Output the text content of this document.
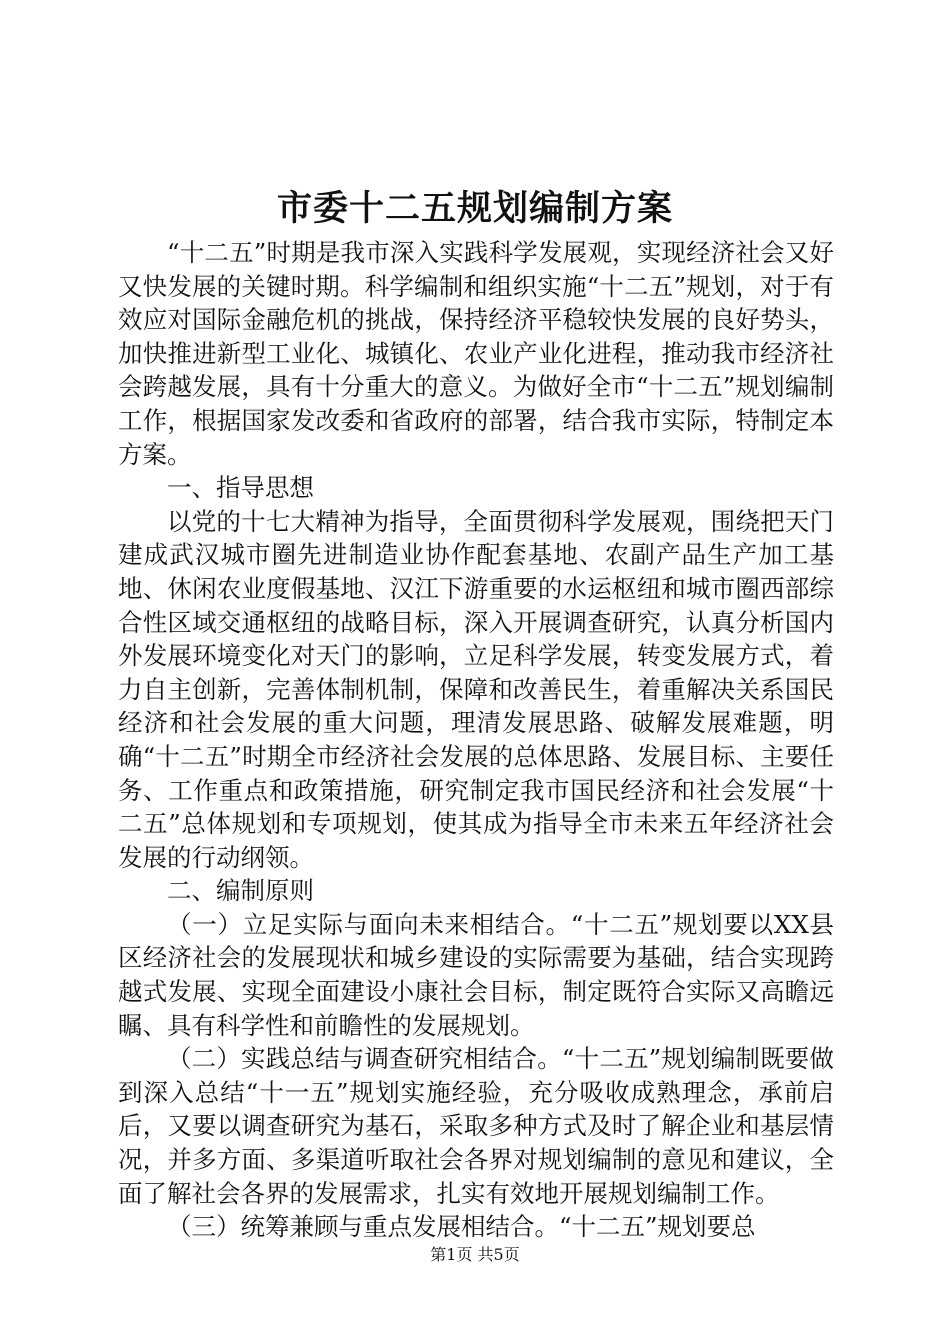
市委十二五规划编制方案

“十二五”时期是我市深入实践科学发展观，实现经济社会又好又快发展的关键时期。科学编制和组织实施“十二五”规划，对于有效应对国际金融危机的挑战，保持经济平稳较快发展的良好势头，加快推进新型工业化、城镇化、农业产业化进程，推动我市经济社会跨越发展，具有十分重大的意义。为做好全市“十二五”规划编制工作，根据国家发改委和省政府的部署，结合我市实际，特制定本方案。

一、指导思想

以党的十七大精神为指导，全面贯彻科学发展观，围绕把天门建成武汉城市圈先进制造业协作配套基地、农副产品生产加工基地、休闲农业度假基地、汉江下游重要的水运枢纽和城市圈西部综合性区域交通枢纽的战略目标，深入开展调查研究，认真分析国内外发展环境变化对天门的影响，立足科学发展，转变发展方式，着力自主创新，完善体制机制，保障和改善民生，着重解决关系国民经济和社会发展的重大问题，理清发展思路、破解发展难题，明确“十二五”时期全市经济社会发展的总体思路、发展目标、主要任务、工作重点和政策措施，研究制定我市国民经济和社会发展“十二五”总体规划和专项规划，使其成为指导全市未来五年经济社会发展的行动纲领。

二、编制原则

（一）立足实际与面向未来相结合。“十二五”规划要以XX县区经济社会的发展现状和城乡建设的实际需要为基础，结合实现跨越式发展、实现全面建设小康社会目标，制定既符合实际又高瞻远瞩、具有科学性和前瞻性的发展规划。

（二）实践总结与调查研究相结合。“十二五”规划编制既要做到深入总结“十一五”规划实施经验，充分吸收成熟理念，承前启后，又要以调查研究为基石，采取多种方式及时了解企业和基层情况，并多方面、多渠道听取社会各界对规划编制的意见和建议，全面了解社会各界的发展需求，扎实有效地开展规划编制工作。

（三）统筹兼顾与重点发展相结合。“十二五”规划要总

第1页 共5页
